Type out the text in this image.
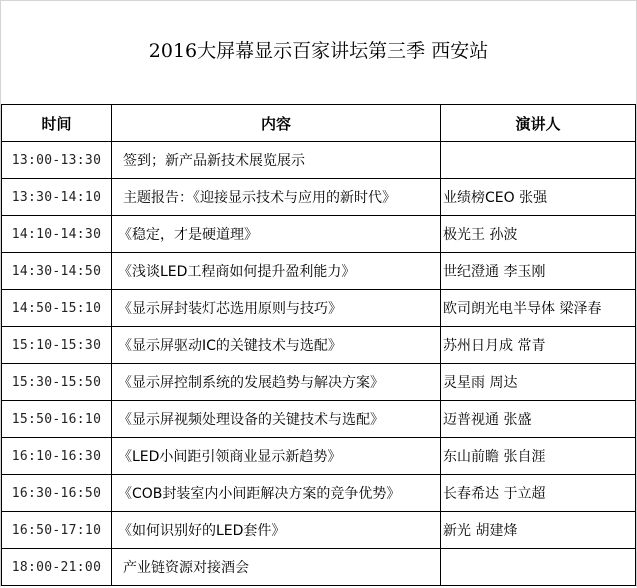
2016大屏幕显示百家讲坛第三季 西安站
时间	内容	演讲人
13:00-13:30	签到；新产品新技术展览展示	
13:30-14:10	主题报告：《迎接显示技术与应用的新时代》	业绩榜CEO 张强
14:10-14:30	《稳定，才是硬道理》	极光王 孙波
14:30-14:50	《浅谈LED工程商如何提升盈利能力》	世纪澄通 李玉刚
14:50-15:10	《显示屏封装灯芯选用原则与技巧》	欧司朗光电半导体 梁泽春
15:10-15:30	《显示屏驱动IC的关键技术与选配》	苏州日月成 常青
15:30-15:50	《显示屏控制系统的发展趋势与解决方案》	灵星雨 周达
15:50-16:10	《显示屏视频处理设备的关键技术与选配》	迈普视通 张盛
16:10-16:30	《LED小间距引领商业显示新趋势》	东山前瞻 张自涯
16:30-16:50	《COB封装室内小间距解决方案的竞争优势》	长春希达 于立超
16:50-17:10	《如何识别好的LED套件》	新光 胡建烽
18:00-21:00	产业链资源对接酒会	
